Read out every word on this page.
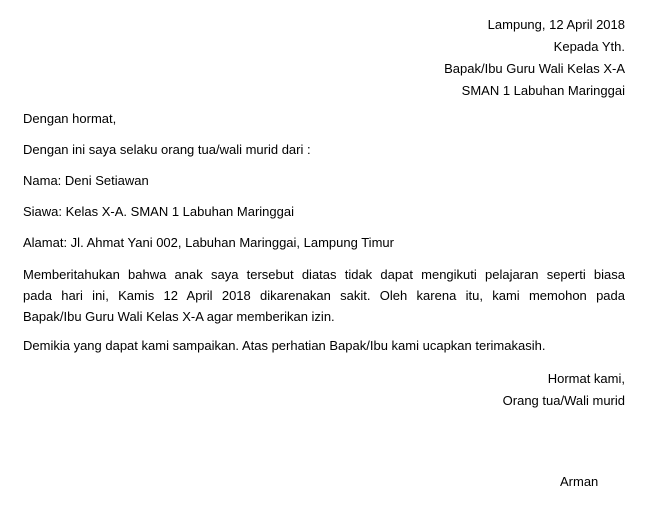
Lampung, 12 April 2018
Kepada Yth.
Bapak/Ibu Guru Wali Kelas X-A
SMAN 1 Labuhan Maringgai
Dengan hormat,
Dengan ini saya selaku orang tua/wali murid dari :
Nama: Deni Setiawan
Siawa: Kelas X-A. SMAN 1 Labuhan Maringgai
Alamat: Jl. Ahmat Yani 002, Labuhan Maringgai, Lampung Timur
Memberitahukan bahwa anak saya tersebut diatas tidak dapat mengikuti pelajaran seperti biasa
pada hari ini, Kamis 12 April 2018 dikarenakan sakit. Oleh karena itu, kami memohon pada
Bapak/Ibu Guru Wali Kelas X-A agar memberikan izin.
Demikia yang dapat kami sampaikan. Atas perhatian Bapak/Ibu kami ucapkan terimakasih.
Hormat kami,
Orang tua/Wali murid
Arman
